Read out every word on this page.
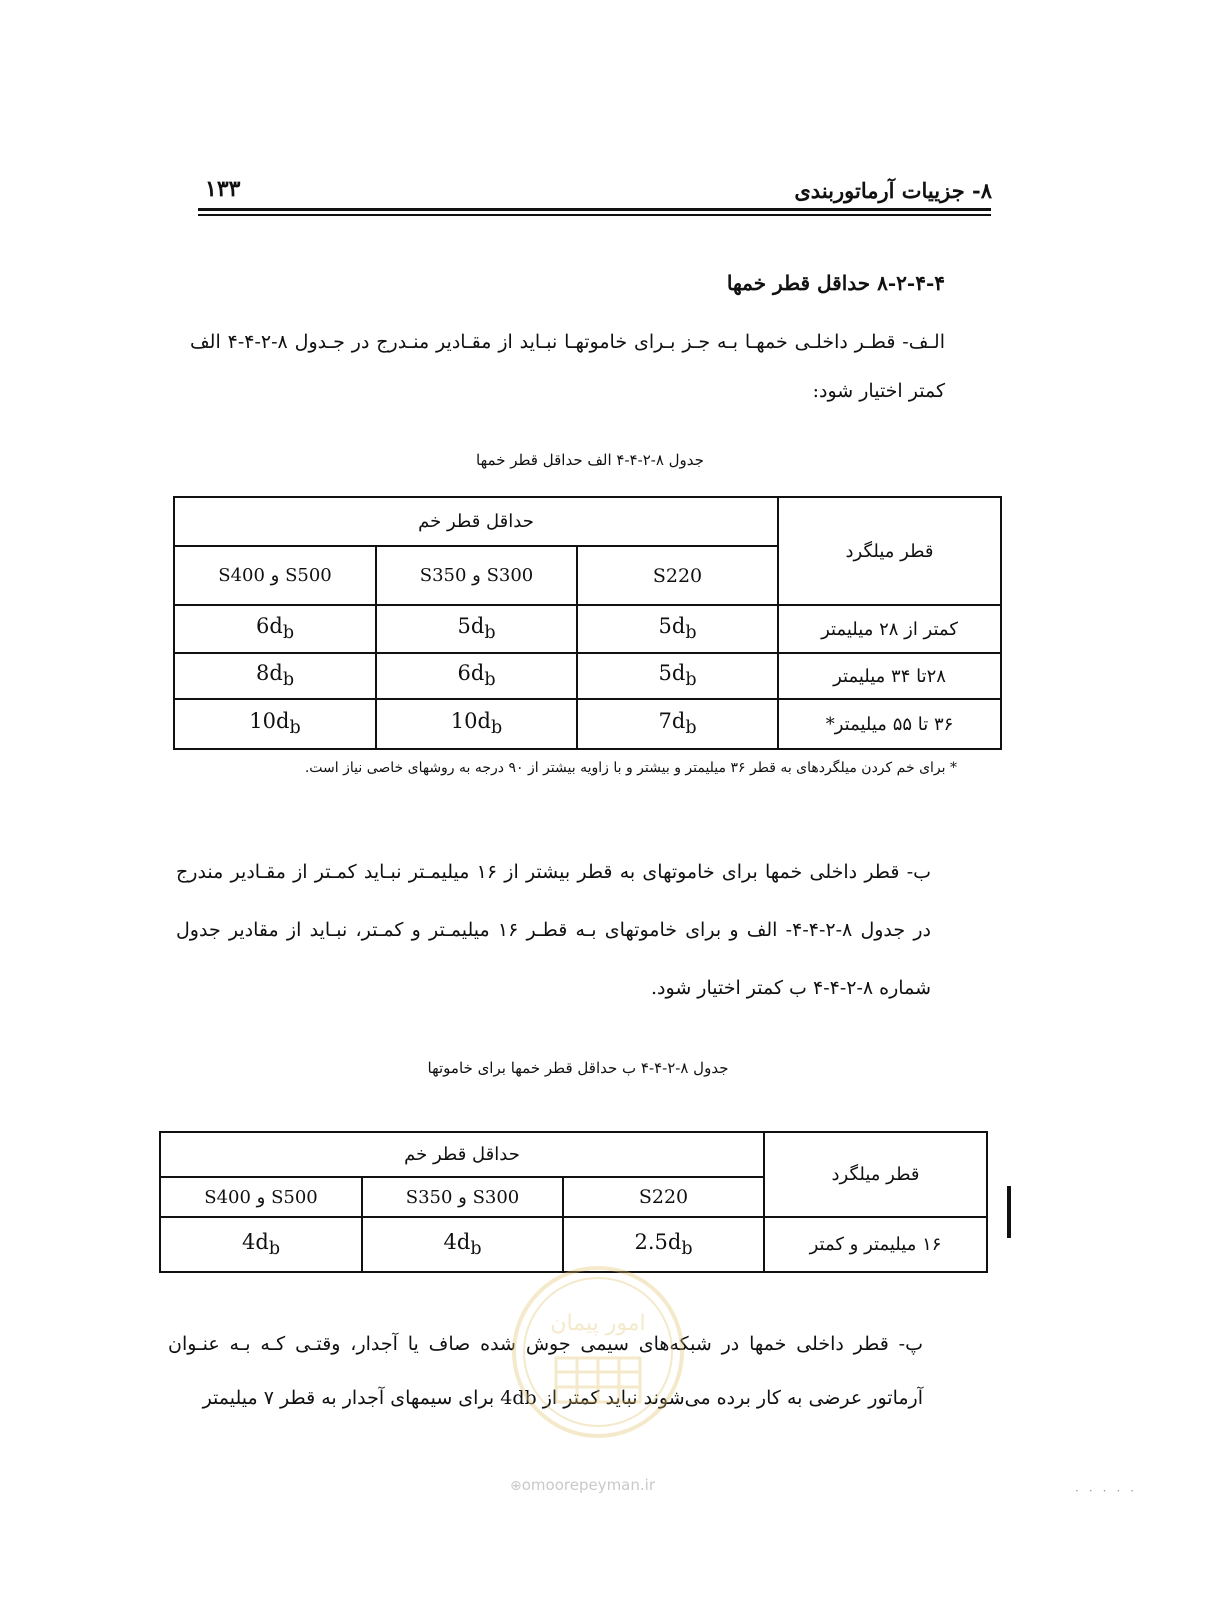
۸- جزییات آرماتوربندی
۱۳۳
۸-۲-۴-۴ حداقل قطر خمها
الـف- قطـر داخلـی خمهـا بـه جـز بـرای خاموتهـا نبـاید از مقـادیر منـدرج در جـدول ۸-۲-۴-۴ الف کمتر اختیار شود:
جدول ۸-۲-۴-۴ الف حداقل قطر خمها
حداقل قطر خم			قطر میلگرد
S500 و S400	S300 و S350	S220	
$6d_b$	$5d_b$	$5d_b$	کمتر از ۲۸ میلیمتر
$8d_b$	$6d_b$	$5d_b$	۲۸تا ۳۴ میلیمتر
$10d_b$	$10d_b$	$7d_b$	۳۶ تا ۵۵ میلیمتر*
* برای خم کردن میلگردهای به قطر ۳۶ میلیمتر و بیشتر و با زاویه بیشتر از ۹۰ درجه به روشهای خاصی نیاز است.
ب- قطر داخلی خمها برای خاموتهای به قطر بیشتر از ۱۶ میلیمـتر نبـاید کمـتر از مقـادیر مندرج در جدول ۸-۲-۴-۴- الف و برای خاموتهای بـه قطـر ۱۶ میلیمـتر و کمـتر، نبـاید از مقادیر جدول شماره ۸-۲-۴-۴ ب کمتر اختیار شود.
جدول ۸-۲-۴-۴ ب حداقل قطر خمها برای خاموتها
حداقل قطر خم			قطر میلگرد
S500 و S400	S300 و S350	S220	
$4d_b$	$4d_b$	$2.5d_b$	۱۶ میلیمتر و کمتر
پ- قطر داخلی خمها در شبکه‌های سیمی جوش شده صاف یا آجدار، وقتـی کـه بـه عنـوان آرماتور عرضی به کار برده می‌شوند نباید کمتر از 4db برای سیمهای آجدار به قطر ۷ میلیمتر
امور پیمان
⊕omoorepeyman.ir	·····
